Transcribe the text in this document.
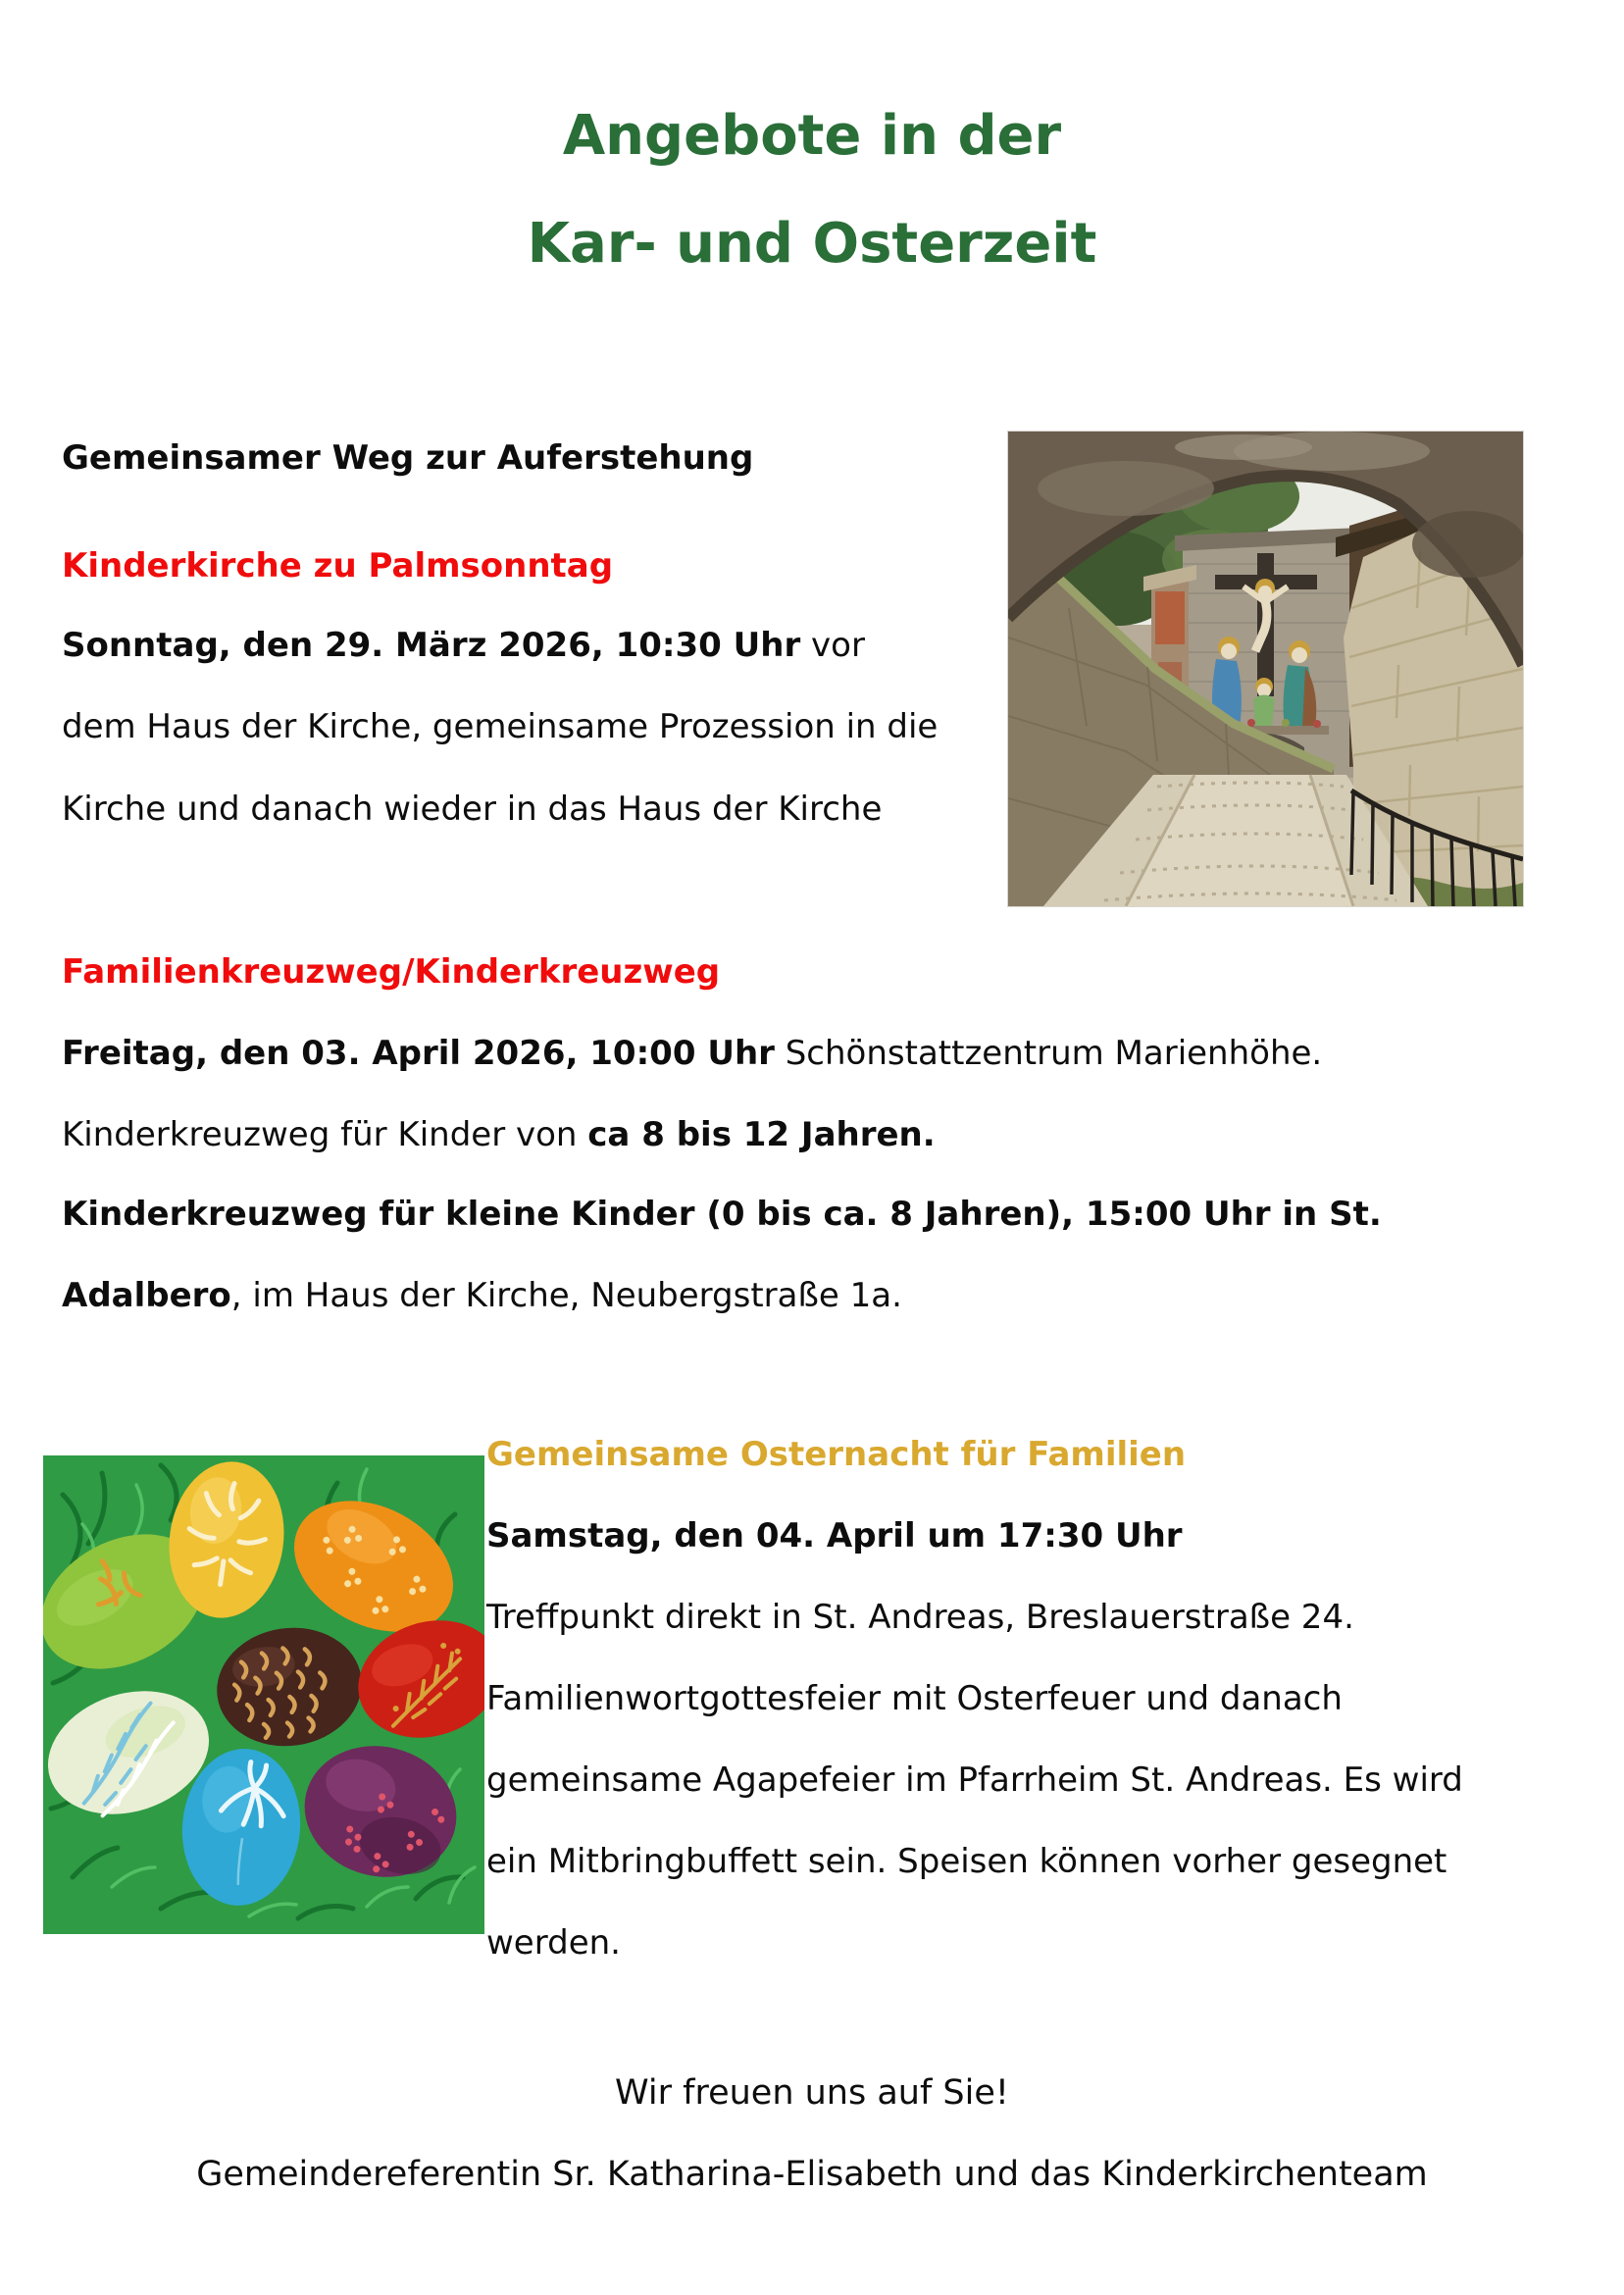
Angebote in der
Kar- und Osterzeit
Gemeinsamer Weg zur Auferstehung
Kinderkirche zu Palmsonntag
Sonntag, den 29. März 2026, 10:30 Uhr vor
dem Haus der Kirche, gemeinsame Prozession in die
Kirche und danach wieder in das Haus der Kirche
Familienkreuzweg/Kinderkreuzweg
Freitag, den 03. April 2026, 10:00 Uhr Schönstattzentrum Marienhöhe.
Kinderkreuzweg für Kinder von ca 8 bis 12 Jahren.
Kinderkreuzweg für kleine Kinder (0 bis ca. 8 Jahren), 15:00 Uhr in St.
Adalbero, im Haus der Kirche, Neubergstraße 1a.
Gemeinsame Osternacht für Familien
Samstag, den 04. April um 17:30 Uhr
Treffpunkt direkt in St. Andreas, Breslauerstraße 24.
Familienwortgottesfeier mit Osterfeuer und danach
gemeinsame Agapefeier im Pfarrheim St. Andreas. Es wird
ein Mitbringbuffett sein. Speisen können vorher gesegnet
werden.
Wir freuen uns auf Sie!
Gemeindereferentin Sr. Katharina-Elisabeth und das Kinderkirchenteam
